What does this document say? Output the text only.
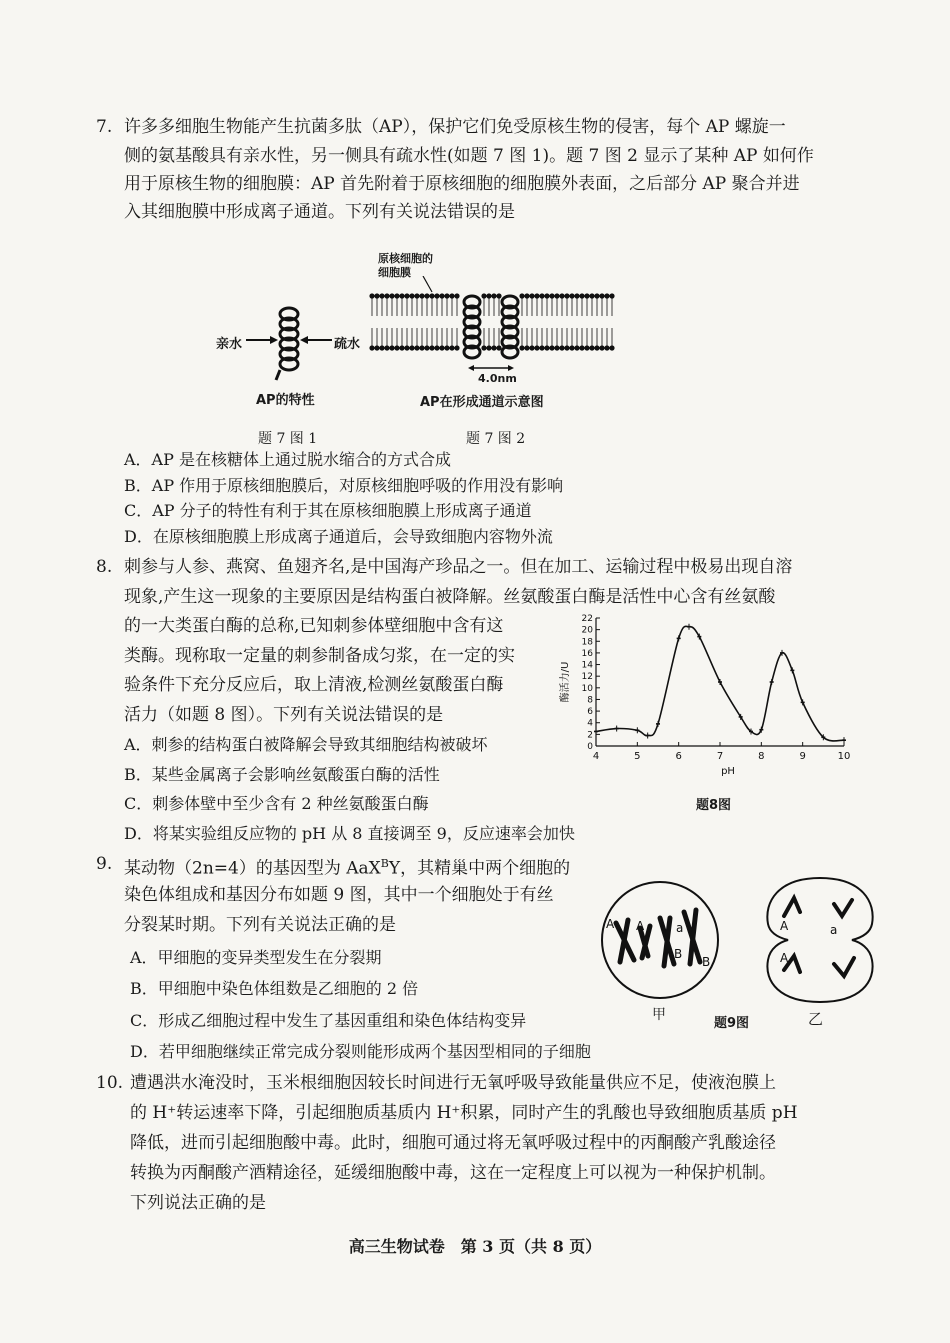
7. 许多多细胞生物能产生抗菌多肽（AP），保护它们免受原核生物的侵害，每个 AP 螺旋一
侧的氨基酸具有亲水性，另一侧具有疏水性(如题 7 图 1)。题 7 图 2 显示了某种 AP 如何作
用于原核生物的细胞膜：AP 首先附着于原核细胞的细胞膜外表面，之后部分 AP 聚合并进
入其细胞膜中形成离子通道。下列有关说法错误的是
亲水	疏水
AP的特性
题 7 图 1
原核细胞的
细胞膜
4.0nm
AP在形成通道示意图
题 7 图 2
A．AP 是在核糖体上通过脱水缩合的方式合成
B．AP 作用于原核细胞膜后，对原核细胞呼吸的作用没有影响
C．AP 分子的特性有利于其在原核细胞膜上形成离子通道
D．在原核细胞膜上形成离子通道后，会导致细胞内容物外流
8. 刺参与人参、燕窝、鱼翅齐名,是中国海产珍品之一。但在加工、运输过程中极易出现自溶
现象,产生这一现象的主要原因是结构蛋白被降解。丝氨酸蛋白酶是活性中心含有丝氨酸
的一大类蛋白酶的总称,已知刺参体壁细胞中含有这
类酶。现称取一定量的刺参制备成匀浆，在一定的实
验条件下充分反应后，取上清液,检测丝氨酸蛋白酶
活力（如题 8 图）。下列有关说法错误的是
A．刺参的结构蛋白被降解会导致其细胞结构被破坏
B．某些金属离子会影响丝氨酸蛋白酶的活性
C．刺参体壁中至少含有 2 种丝氨酸蛋白酶
D．将某实验组反应物的 pH 从 8 直接调至 9，反应速率会加快
0
2
4
6
8
10
12
14
16
18
20
22
4	5	6	7	8	9	10
pH
酶活力/U
题8图
9. 某动物（2n=4）的基因型为 AaX$^B$Y，其精巢中两个细胞的
染色体组成和基因分布如题 9 图，其中一个细胞处于有丝
分裂某时期。下列有关说法正确的是
A．甲细胞的变异类型发生在分裂期
B．甲细胞中染色体组数是乙细胞的 2 倍
C．形成乙细胞过程中发生了基因重组和染色体结构变异
D．若甲细胞继续正常完成分裂则能形成两个基因型相同的子细胞
A A	a
B
B
甲
题9图
A	a
A
乙
10. 遭遇洪水淹没时，玉米根细胞因较长时间进行无氧呼吸导致能量供应不足，使液泡膜上
的 H⁺转运速率下降，引起细胞质基质内 H⁺积累，同时产生的乳酸也导致细胞质基质 pH
降低，进而引起细胞酸中毒。此时，细胞可通过将无氧呼吸过程中的丙酮酸产乳酸途径
转换为丙酮酸产酒精途径，延缓细胞酸中毒，这在一定程度上可以视为一种保护机制。
下列说法正确的是
高三生物试卷　第 3 页（共 8 页）
